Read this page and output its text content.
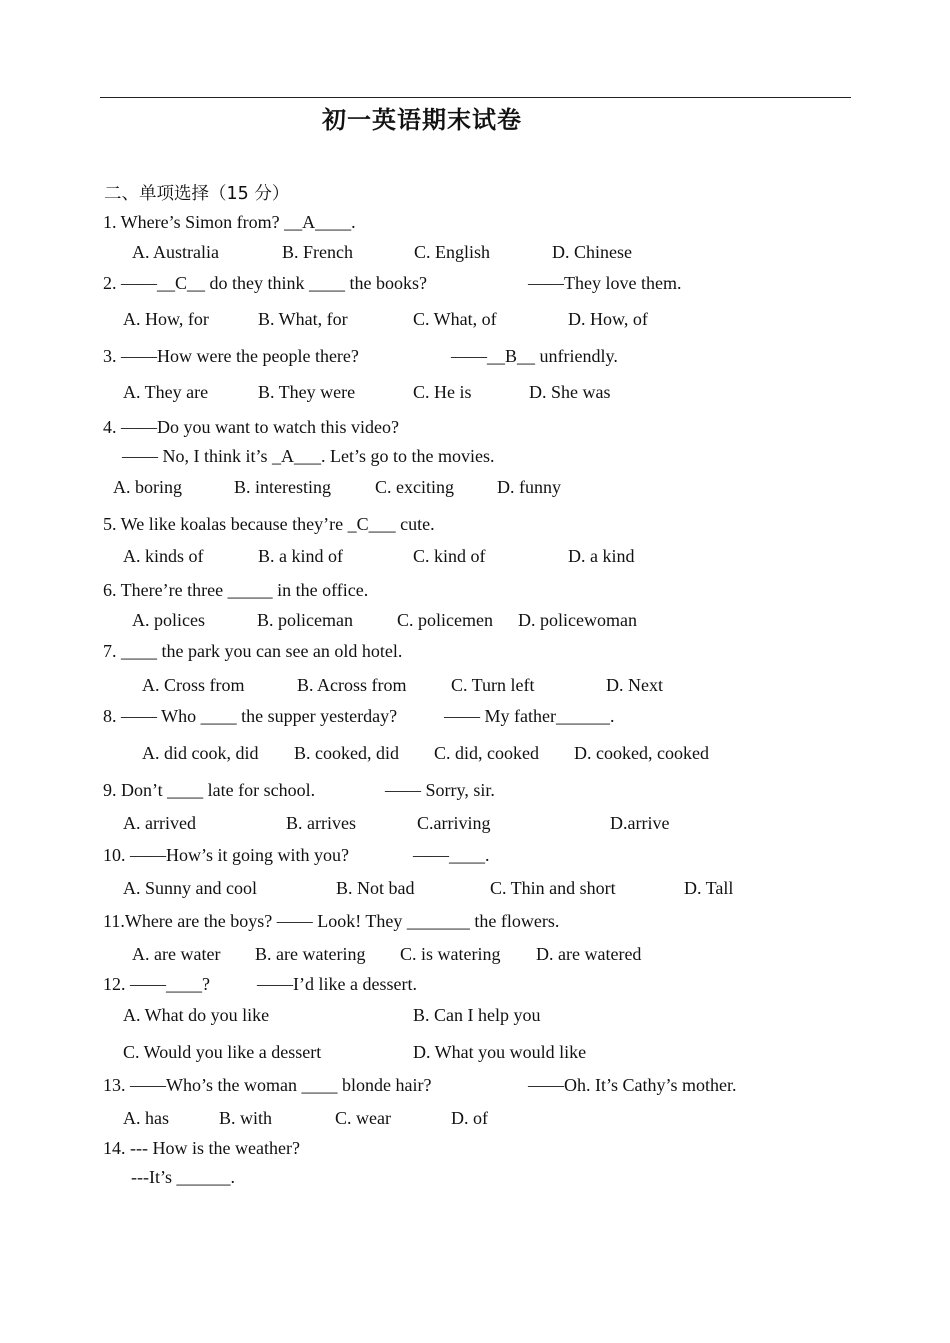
初一英语期末试卷
二、单项选择（15 分）
1. Where’s Simon from? __A____.
A. Australia	B. French	C. English	D. Chinese
2. ——__C__ do they think ____ the books?	——They love them.
A. How, for	B. What, for	C. What, of	D. How, of
3. ——How were the people there?	——__B__ unfriendly.
A. They are	B. They were	C. He is	D. She was
4. ——Do you want to watch this video?
—— No, I think it’s _A___. Let’s go to the movies.
A. boring	B. interesting C. exciting D. funny
5. We like koalas because they’re _C___ cute.
A. kinds of	B. a kind of	C. kind of	D. a kind
6. There’re three _____ in the office.
A. polices	B. policeman C. policemen D. policewoman
7. ____ the park you can see an old hotel.
A. Cross from	B. Across from C. Turn left	D. Next
8. —— Who ____ the supper yesterday?	—— My father______.
A. did cook, did B. cooked, did C. did, cooked D. cooked, cooked
9. Don’t ____ late for school.	—— Sorry, sir.
A. arrived	B. arrives	C.arriving	D.arrive
10. ——How’s it going with you?	——____.
A. Sunny and cool	B. Not bad	C. Thin and short	D. Tall
11.Where are the boys? —— Look! They _______ the flowers.
A. are water B. are watering C. is watering D. are watered
12. ——____?	——I’d like a dessert.
A. What do you like	B. Can I help you
C. Would you like a dessert	D. What you would like
13. ——Who’s the woman ____ blonde hair?	——Oh. It’s Cathy’s mother.
A. has	B. with	C. wear	D. of
14. --- How is the weather?
---It’s ______.
